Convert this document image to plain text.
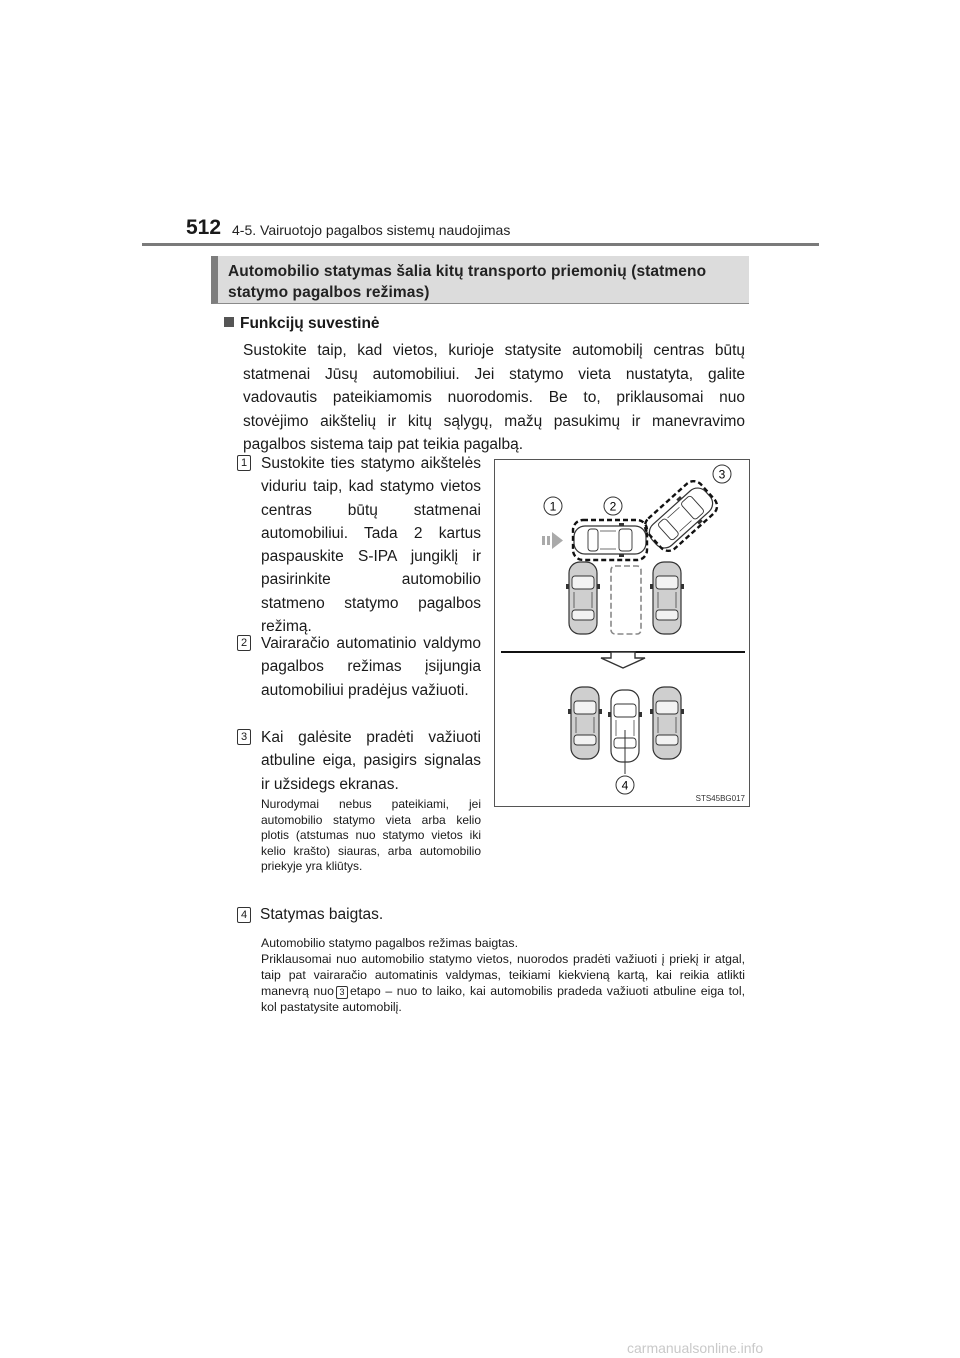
512 4-5. Vairuotojo pagalbos sistemų naudojimas
Automobilio statymas šalia kitų transporto priemonių (statmeno
statymo pagalbos režimas)
Funkcijų suvestinė
Sustokite taip, kad vietos, kurioje statysite automobilį centras būtų statmenai Jūsų automobiliui. Jei statymo vieta nustatyta, galite vadovautis pateikiamomis nuorodomis. Be to, priklausomai nuo stovėjimo aikštelių ir kitų sąlygų, mažų pasukimų ir manevravimo pagalbos sistema taip pat teikia pagalbą.
1 Sustokite ties statymo aikštelės viduriu taip, kad statymo vietos centras būtų statmenai automobiliui. Tada 2 kartus paspauskite S-IPA jungiklį ir pasirinkite automobilio statmeno statymo pagalbos režimą.
2 Vairaračio automatinio valdymo pagalbos režimas įsijungia automobiliui pradėjus važiuoti.
3 Kai galėsite pradėti važiuoti atbuline eiga, pasigirs signalas ir užsidegs ekranas.
Nurodymai nebus pateikiami, jei automobilio statymo vieta arba kelio plotis (atstumas nuo statymo vietos iki kelio krašto) siauras, arba automobilio priekyje yra kliūtys.
4 Statymas baigtas.
Automobilio statymo pagalbos režimas baigtas.
Priklausomai nuo automobilio statymo vietos, nuorodos pradėti važiuoti į priekį ir atgal, taip pat vairaračio automatinis valdymas, teikiami kiekvieną kartą, kai reikia atlikti manevrą nuo 3 etapo – nuo to laiko, kai automobilis pradeda važiuoti atbuline eiga tol, kol pastatysite automobilį.
1	2
3
4
STS45BG017
carmanualsonline.info
